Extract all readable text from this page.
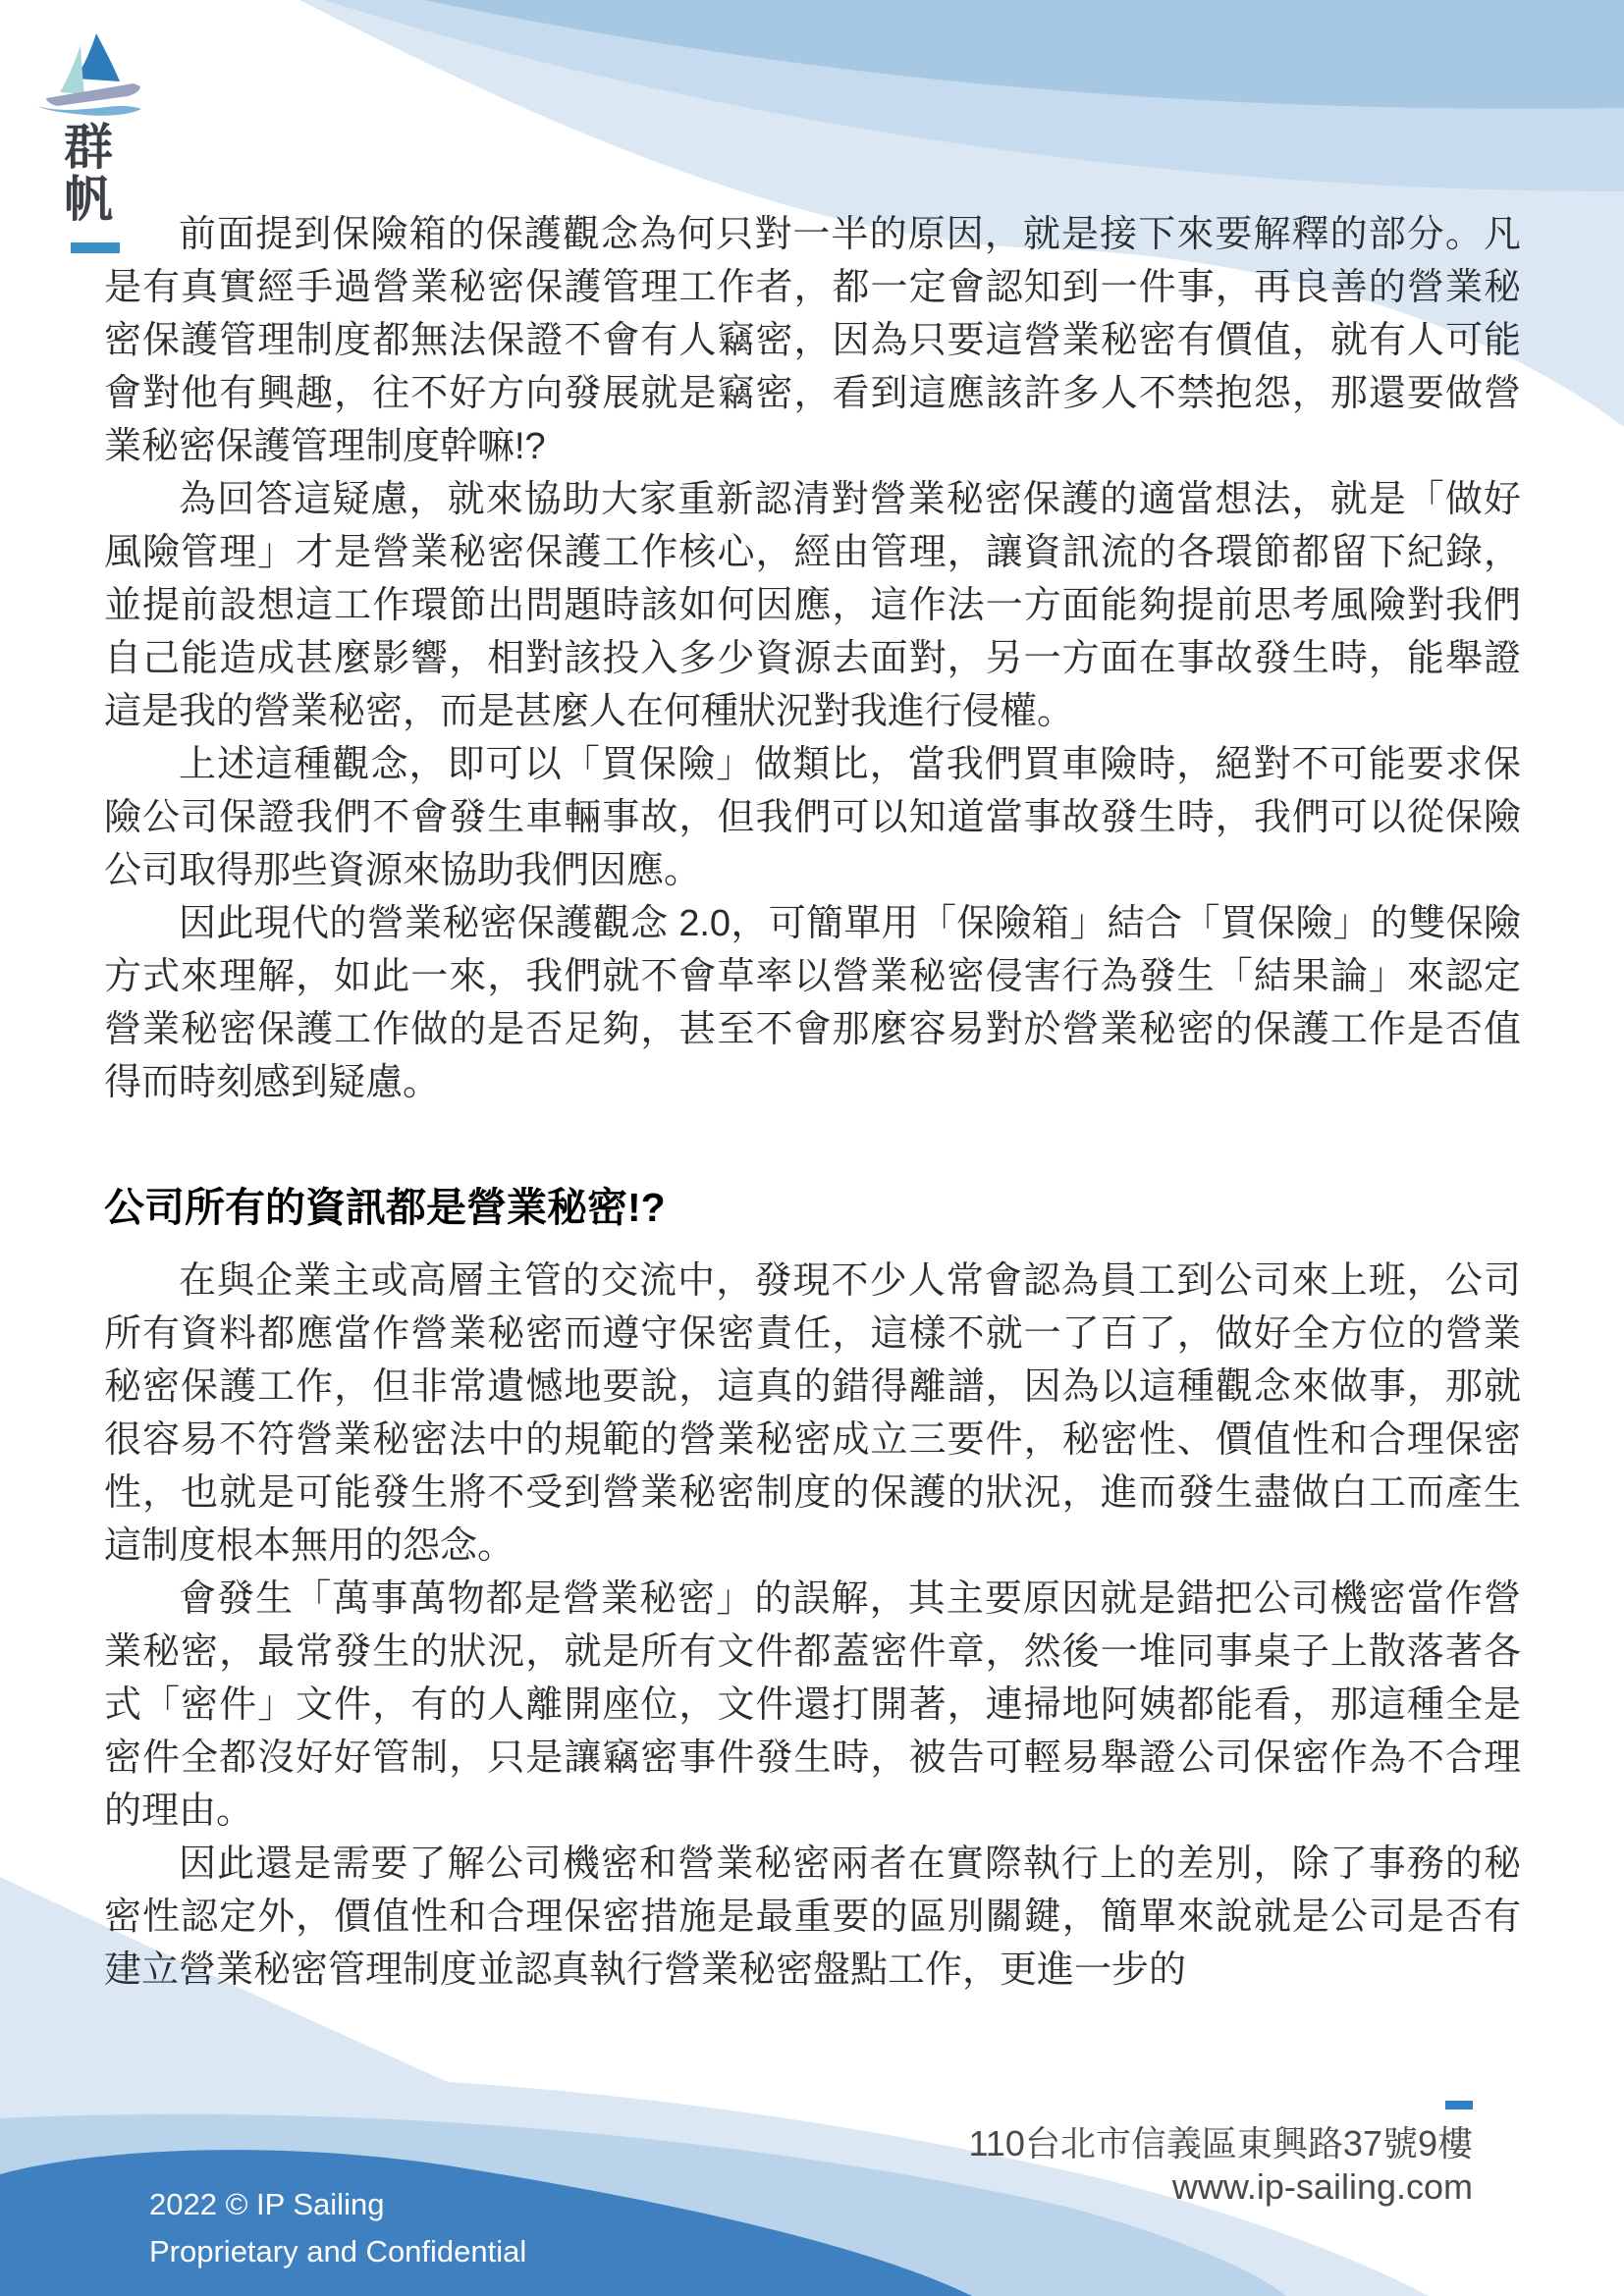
群
帆

前面提到保險箱的保護觀念為何只對一半的原因，就是接下來要解釋的部分。凡是有真實經手過營業秘密保護管理工作者，都一定會認知到一件事，再良善的營業秘密保護管理制度都無法保證不會有人竊密，因為只要這營業秘密有價值，就有人可能會對他有興趣，往不好方向發展就是竊密，看到這應該許多人不禁抱怨，那還要做營業秘密保護管理制度幹嘛!?

為回答這疑慮，就來協助大家重新認清對營業秘密保護的適當想法，就是「做好風險管理」才是營業秘密保護工作核心，經由管理，讓資訊流的各環節都留下紀錄，並提前設想這工作環節出問題時該如何因應，這作法一方面能夠提前思考風險對我們自己能造成甚麼影響，相對該投入多少資源去面對，另一方面在事故發生時，能舉證這是我的營業秘密，而是甚麼人在何種狀況對我進行侵權。

上述這種觀念，即可以「買保險」做類比，當我們買車險時，絕對不可能要求保險公司保證我們不會發生車輛事故，但我們可以知道當事故發生時，我們可以從保險公司取得那些資源來協助我們因應。

因此現代的營業秘密保護觀念 2.0，可簡單用「保險箱」結合「買保險」的雙保險方式來理解，如此一來，我們就不會草率以營業秘密侵害行為發生「結果論」來認定營業秘密保護工作做的是否足夠，甚至不會那麼容易對於營業秘密的保護工作是否值得而時刻感到疑慮。

公司所有的資訊都是營業秘密!?

在與企業主或高層主管的交流中，發現不少人常會認為員工到公司來上班，公司所有資料都應當作營業秘密而遵守保密責任，這樣不就一了百了，做好全方位的營業秘密保護工作，但非常遺憾地要說，這真的錯得離譜，因為以這種觀念來做事，那就很容易不符營業秘密法中的規範的營業秘密成立三要件，秘密性、價值性和合理保密性，也就是可能發生將不受到營業秘密制度的保護的狀況，進而發生盡做白工而產生這制度根本無用的怨念。

會發生「萬事萬物都是營業秘密」的誤解，其主要原因就是錯把公司機密當作營業秘密，最常發生的狀況，就是所有文件都蓋密件章，然後一堆同事桌子上散落著各式「密件」文件，有的人離開座位，文件還打開著，連掃地阿姨都能看，那這種全是密件全都沒好好管制，只是讓竊密事件發生時，被告可輕易舉證公司保密作為不合理的理由。

因此還是需要了解公司機密和營業秘密兩者在實際執行上的差別，除了事務的秘密性認定外，價值性和合理保密措施是最重要的區別關鍵，簡單來說就是公司是否有建立營業秘密管理制度並認真執行營業秘密盤點工作，更進一步的

110台北市信義區東興路37號9樓
www.ip-sailing.com
2022 © IP Sailing
Proprietary and Confidential
